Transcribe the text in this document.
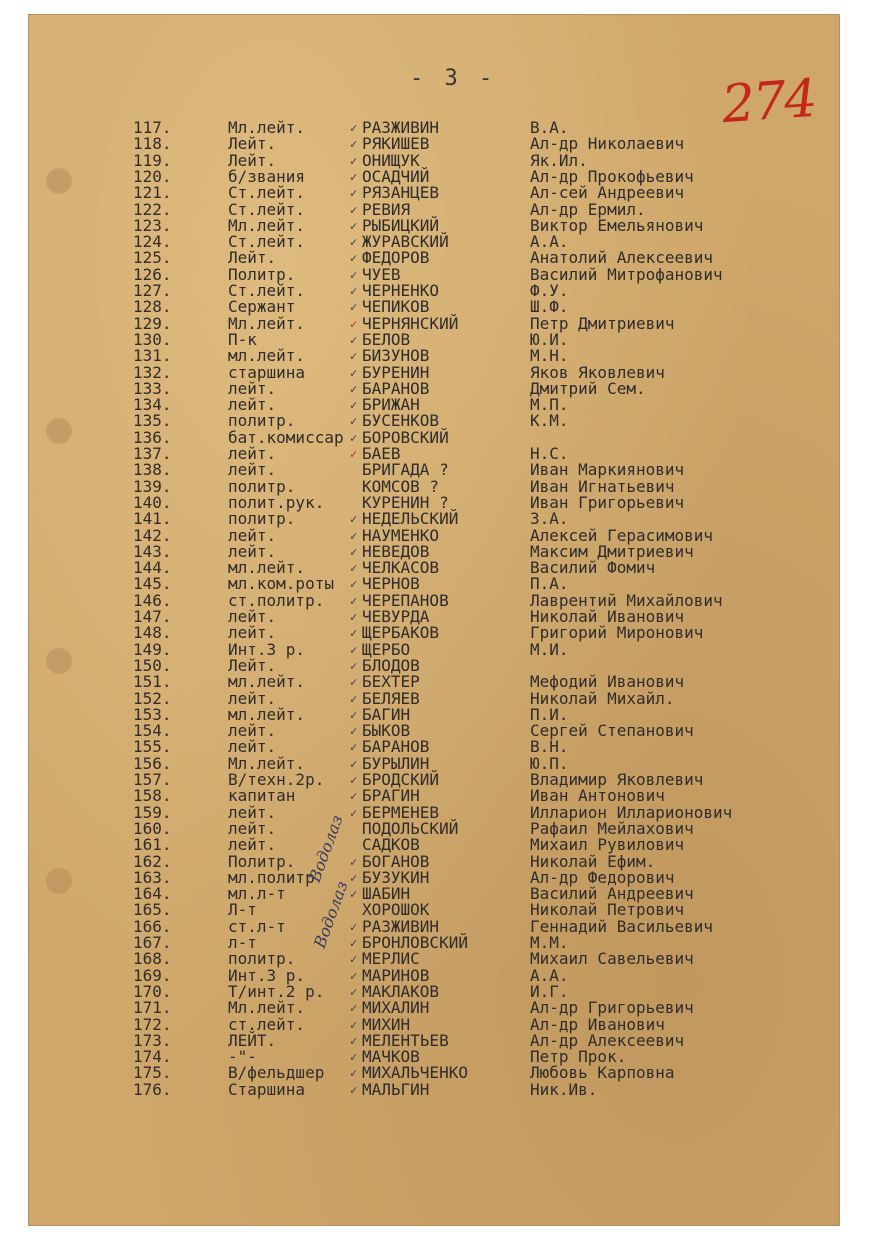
- 3 -	274
117.	Мл.лейт.	✓ РАЗЖИВИН	В.А.
118.	Лейт.	✓ РЯКИШЕВ	Ал-др Николаевич
119.	Лейт.	✓ ОНИЩУК	Як.Ил.
120.	б/звания	✓ ОСАДЧИЙ	Ал-др Прокофьевич
121.	Ст.лейт.	✓ РЯЗАНЦЕВ	Ал-сей Андреевич
122.	Ст.лейт.	✓ РЕВИЯ	Ал-др Ермил.
123.	Мл.лейт.	✓ РЫБИЦКИЙ	Виктор Емельянович
124.	Ст.лейт.	✓ ЖУРАВСКИЙ	А.А.
125.	Лейт.	✓ ФЕДОРОВ	Анатолий Алексеевич
126.	Политр.	✓ ЧУЕВ	Василий Митрофанович
127.	Ст.лейт.	✓ ЧЕРНЕНКО	Ф.У.
128.	Сержант	✓ ЧЕПИКОВ	Ш.Ф.
129.	Мл.лейт.	✓ ЧЕРНЯНСКИЙ	Петр Дмитриевич
130.	П-к	✓ БЕЛОВ	Ю.И.
131.	мл.лейт.	✓ БИЗУНОВ	М.Н.
132.	старшина	✓ БУРЕНИН	Яков Яковлевич
133.	лейт.	✓ БАРАНОВ	Дмитрий Сем.
134.	лейт.	✓ БРИЖАН	М.П.
135.	политр.	✓ БУСЕНКОВ	К.М.
136.	бат.комиссар ✓ БОРОВСКИЙ
137.	лейт.	✓ БАЕВ	Н.С.
138.	лейт.	БРИГАДА ?	Иван Маркиянович
139.	политр.	КОМСОВ ?	Иван Игнатьевич
140.	полит.рук.	КУРЕНИН ?	Иван Григорьевич
141.	политр.	✓ НЕДЕЛЬСКИЙ	З.А.
142.	лейт.	✓ НАУМЕНКО	Алексей Герасимович
143.	лейт.	✓ НЕВЕДОВ	Максим Дмитриевич
144.	мл.лейт.	✓ ЧЕЛКАСОВ	Василий Фомич
145.	мл.ком.роты	✓ ЧЕРНОВ	П.А.
146.	ст.политр.	✓ ЧЕРЕПАНОВ	Лаврентий Михайлович
147.	лейт.	✓ ЧЕВУРДА	Николай Иванович
148.	лейт.	✓ ЩЕРБАКОВ	Григорий Миронович
149.	Инт.3 р.	✓ ЩЕРБО	М.И.
150.	Лейт.	✓ БЛОДОВ
151.	мл.лейт.	✓ БЕХТЕР	Мефодий Иванович
152.	лейт.	✓ БЕЛЯЕВ	Николай Михайл.
153.	мл.лейт.	✓ БАГИН	П.И.
154.	лейт.	✓ БЫКОВ	Сергей Степанович
155.	лейт.	✓ БАРАНОВ	В.Н.
156.	Мл.лейт.	✓ БУРЫЛИН	Ю.П.
157.	В/техн.2р.	✓ БРОДСКИЙ	Владимир Яковлевич
158.	капитан	✓ БРАГИН	Иван Антонович
159.	лейт.	✓ БЕРМЕНЕВ	Илларион Илларионович
160.	лейт.	ПОДОЛЬСКИЙ	Рафаил Мейлахович
161.	лейт.	САДКОВ	Михаил Рувилович
162.	Политр.	✓ БОГАНОВ	Николай Ефим.
163.	мл.политр	✓ БУЗУКИН	Ал-др Федорович
164.	мл.л-т	✓ ШАБИН	Василий Андреевич
165.	Л-т	ХОРОШОК	Николай Петрович
166.	ст.л-т	✓ РАЗЖИВИН	Геннадий Васильевич
167.	л-т	✓ БРОНЛОВСКИЙ	М.М.
168.	политр.	✓ МЕРЛИС	Михаил Савельевич
169.	Инт.3 р.	✓ МАРИНОВ	А.А.
170.	Т/инт.2 р.	✓ МАКЛАКОВ	И.Г.
171.	Мл.лейт.	✓ МИХАЛИН	Ал-др Григорьевич
172.	ст.лейт.	✓ МИХИН	Ал-др Иванович
173.	ЛЕЙТ.	✓ МЕЛЕНТЬЕВ	Ал-др Алексеевич
174.	-"-	✓ МАЧКОВ	Петр Прок.
175.	В/фельдшер	✓ МИХАЛЬЧЕНКО	Любовь Карповна
176.	Старшина	✓ МАЛЬГИН	Ник.Ив.
Водолаз
Водолаз
